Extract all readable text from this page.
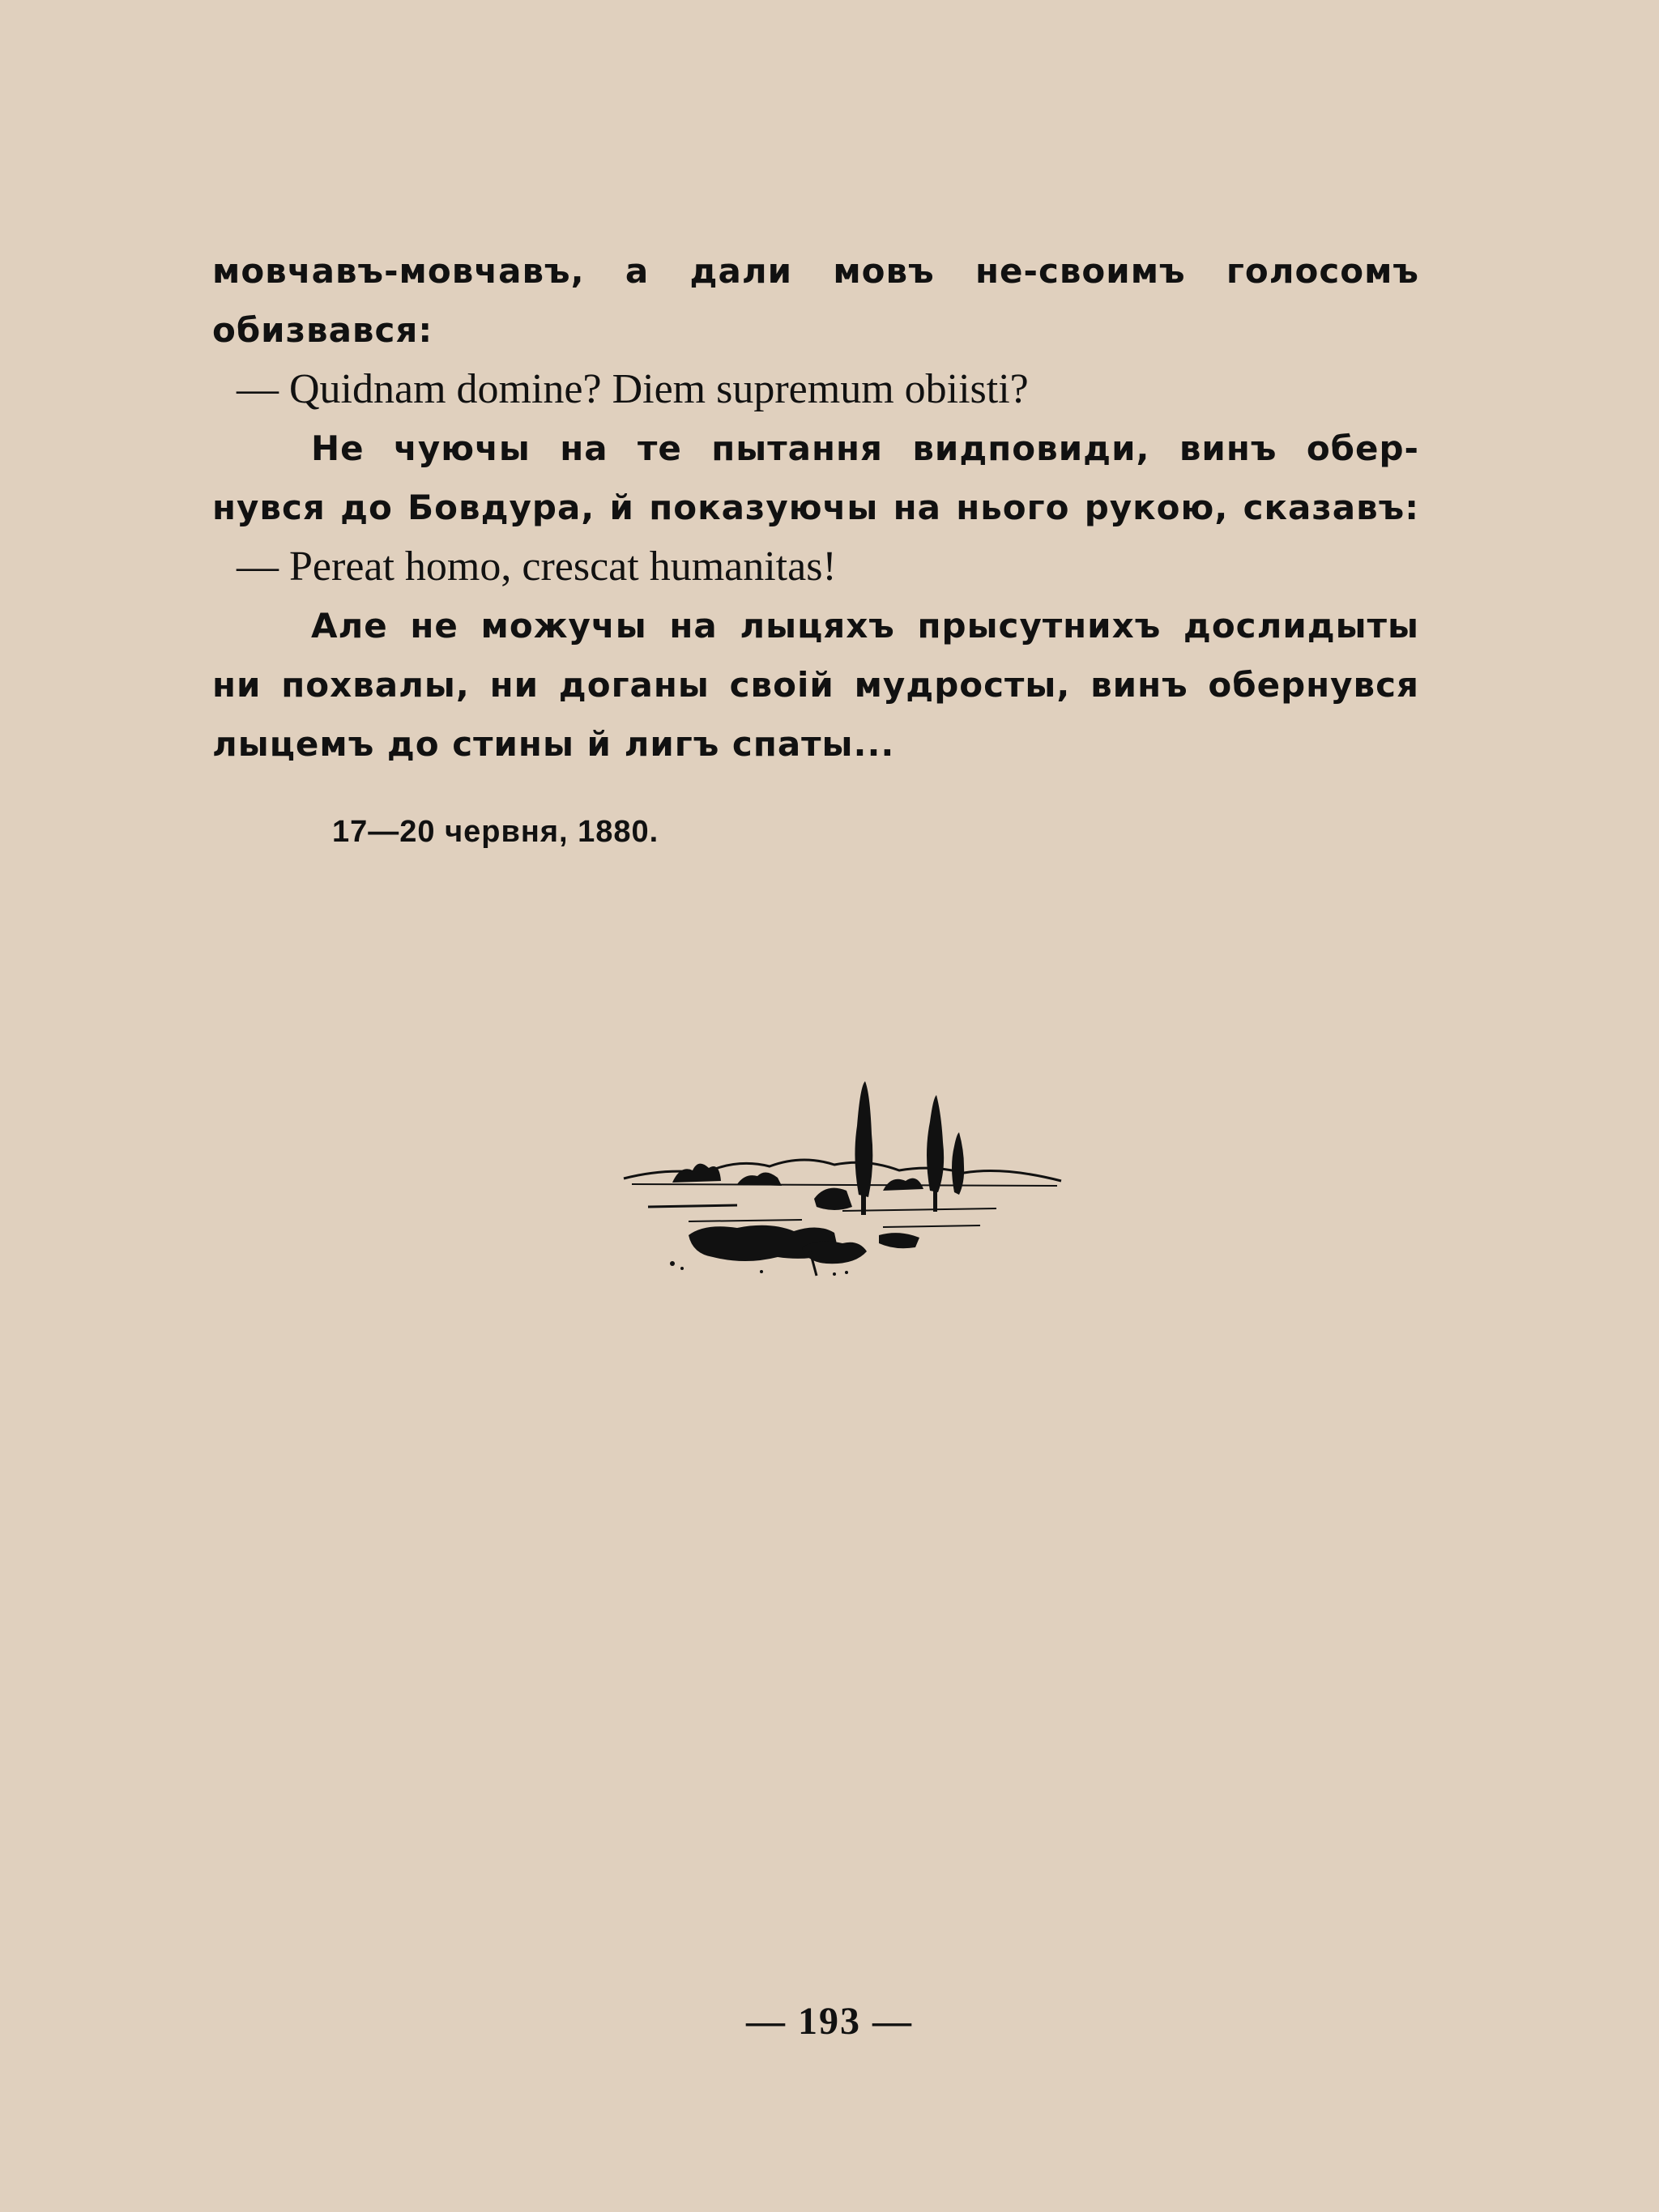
мовчавъ-мовчавъ, а дали мовъ не-своимъ голосомъ
обизвався:
— Quidnam domine? Diem supremum obiisti?
Не чуючы на те пытання видповиди, винъ обер-
нувся до Бовдура, й показуючы на нього рукою, сказавъ:
— Pereat homo, crescat humanitas!
Але не можучы на лыцяхъ прысутнихъ дослидыты
ни похвалы, ни доганы своiй мудросты, винъ обернувся
лыцемъ до стины й лигъ спаты...
17—20 червня, 1880.
— 193 —
